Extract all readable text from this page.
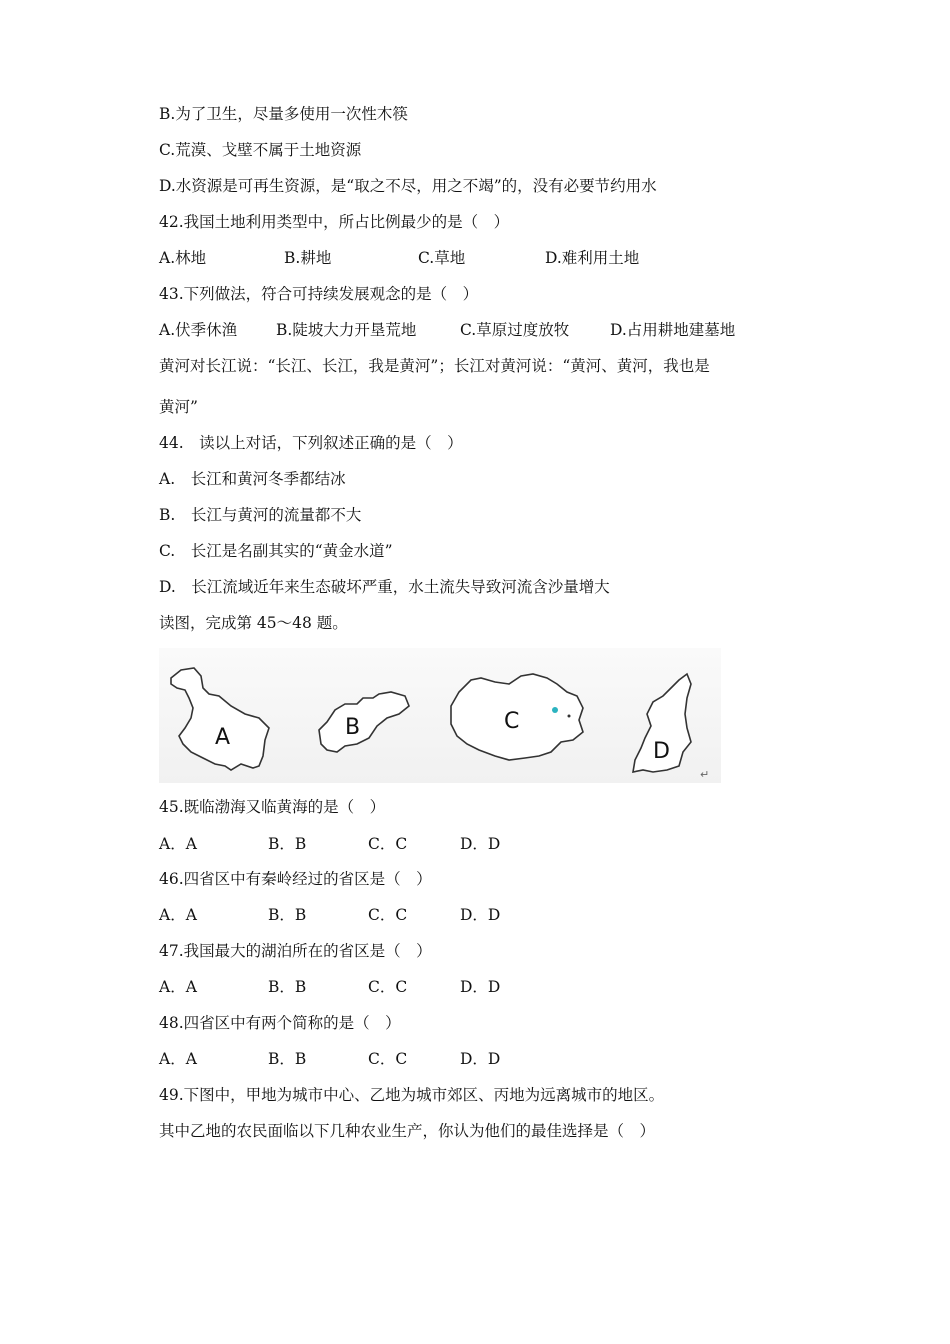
B.为了卫生，尽量多使用一次性木筷
C.荒漠、戈壁不属于土地资源
D.水资源是可再生资源，是“取之不尽，用之不竭”的，没有必要节约用水
42.我国土地利用类型中，所占比例最少的是（　）
A.林地	B.耕地	C.草地	D.难利用土地
43.下列做法，符合可持续发展观念的是（　）
A.伏季休渔	B.陡坡大力开垦荒地	C.草原过度放牧	D.占用耕地建墓地
黄河对长江说：“长江、长江，我是黄河”；长江对黄河说：“黄河、黄河，我也是
黄河”
44.　读以上对话，下列叙述正确的是（　）
A.　长江和黄河冬季都结冰
B.　长江与黄河的流量都不大
C.　长江是名副其实的“黄金水道”
D.　长江流域近年来生态破坏严重，水土流失导致河流含沙量增大
读图，完成第 45～48 题。
A	B	C
D
↵
45.既临渤海又临黄海的是（　）
A．A	B．B	C．C	D．D
46.四省区中有秦岭经过的省区是（　）
A．A	B．B	C．C	D．D
47.我国最大的湖泊所在的省区是（　）
A．A	B．B	C．C	D．D
48.四省区中有两个简称的是（　）
A．A	B．B	C．C	D．D
49.下图中，甲地为城市中心、乙地为城市郊区、丙地为远离城市的地区。
其中乙地的农民面临以下几种农业生产，你认为他们的最佳选择是（　）
